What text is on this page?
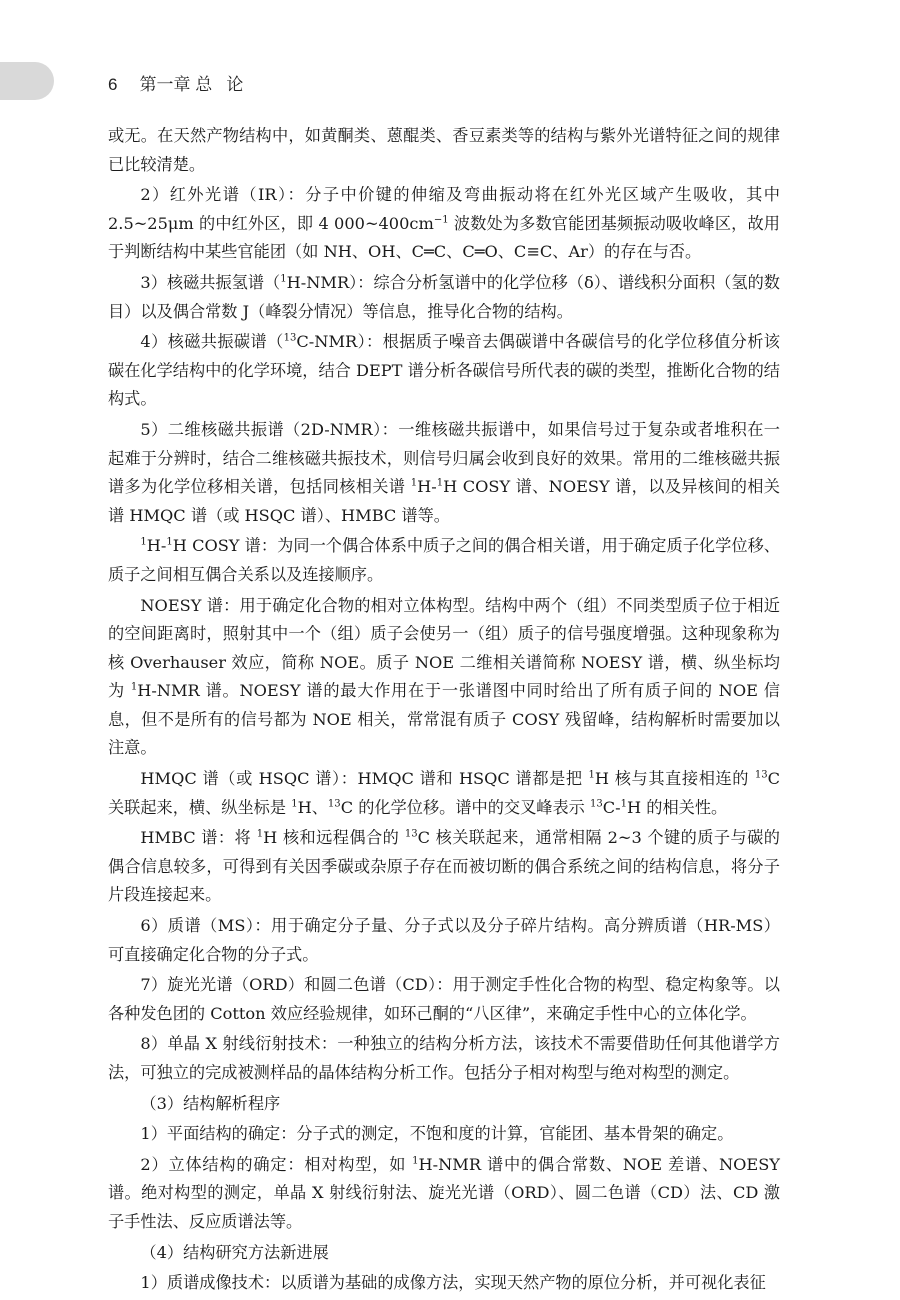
6 第一章 总   论

或无。在天然产物结构中，如黄酮类、蒽醌类、香豆素类等的结构与紫外光谱特征之间的规律已比较清楚。

2）红外光谱（IR）：分子中价键的伸缩及弯曲振动将在红外光区域产生吸收，其中 2.5~25μm 的中红外区，即 4 $000\sim 400cm^{-1}$ 波数处为多数官能团基频振动吸收峰区，故用于判断结构中某些官能团（如 NH、OH、C═C、C═O、C≡C、Ar）的存在与否。

3）核磁共振氢谱（$^1$H-NMR）：综合分析氢谱中的化学位移（δ）、谱线积分面积（氢的数目）以及偶合常数 J（峰裂分情况）等信息，推导化合物的结构。

4）核磁共振碳谱（$^{13}$C-NMR）：根据质子噪音去偶碳谱中各碳信号的化学位移值分析该碳在化学结构中的化学环境，结合 DEPT 谱分析各碳信号所代表的碳的类型，推断化合物的结构式。

5）二维核磁共振谱（2D-NMR）：一维核磁共振谱中，如果信号过于复杂或者堆积在一起难于分辨时，结合二维核磁共振技术，则信号归属会收到良好的效果。常用的二维核磁共振谱多为化学位移相关谱，包括同核相关谱 $^1$H-$^1$H COSY 谱、NOESY 谱，以及异核间的相关谱 HMQC 谱（或 HSQC 谱）、HMBC 谱等。

$^1$H-$^1$H COSY 谱：为同一个偶合体系中质子之间的偶合相关谱，用于确定质子化学位移、质子之间相互偶合关系以及连接顺序。

NOESY 谱：用于确定化合物的相对立体构型。结构中两个（组）不同类型质子位于相近的空间距离时，照射其中一个（组）质子会使另一（组）质子的信号强度增强。这种现象称为核 Overhauser 效应，简称 NOE。质子 NOE 二维相关谱简称 NOESY 谱，横、纵坐标均为 $^1$H-NMR 谱。NOESY 谱的最大作用在于一张谱图中同时给出了所有质子间的 NOE 信息，但不是所有的信号都为 NOE 相关，常常混有质子 COSY 残留峰，结构解析时需要加以注意。

HMQC 谱（或 HSQC 谱）：HMQC 谱和 HSQC 谱都是把 $^1$H 核与其直接相连的 $^{13}$C 关联起来，横、纵坐标是 $^1$H、$^{13}$C 的化学位移。谱中的交叉峰表示 $^{13}$C-$^1$H 的相关性。

HMBC 谱：将 $^1$H 核和远程偶合的 $^{13}$C 核关联起来，通常相隔 2~3 个键的质子与碳的偶合信息较多，可得到有关因季碳或杂原子存在而被切断的偶合系统之间的结构信息，将分子片段连接起来。

6）质谱（MS）：用于确定分子量、分子式以及分子碎片结构。高分辨质谱（HR-MS）可直接确定化合物的分子式。

7）旋光光谱（ORD）和圆二色谱（CD）：用于测定手性化合物的构型、稳定构象等。以各种发色团的 Cotton 效应经验规律，如环己酮的“八区律”，来确定手性中心的立体化学。

8）单晶 X 射线衍射技术：一种独立的结构分析方法，该技术不需要借助任何其他谱学方法，可独立的完成被测样品的晶体结构分析工作。包括分子相对构型与绝对构型的测定。

（3）结构解析程序

1）平面结构的确定：分子式的测定，不饱和度的计算，官能团、基本骨架的确定。

2）立体结构的确定：相对构型，如 $^1$H-NMR 谱中的偶合常数、NOE 差谱、NOESY 谱。绝对构型的测定，单晶 X 射线衍射法、旋光光谱（ORD）、圆二色谱（CD）法、CD 激子手性法、反应质谱法等。

（4）结构研究方法新进展

1）质谱成像技术：以质谱为基础的成像方法，实现天然产物的原位分析，并可视化表征
